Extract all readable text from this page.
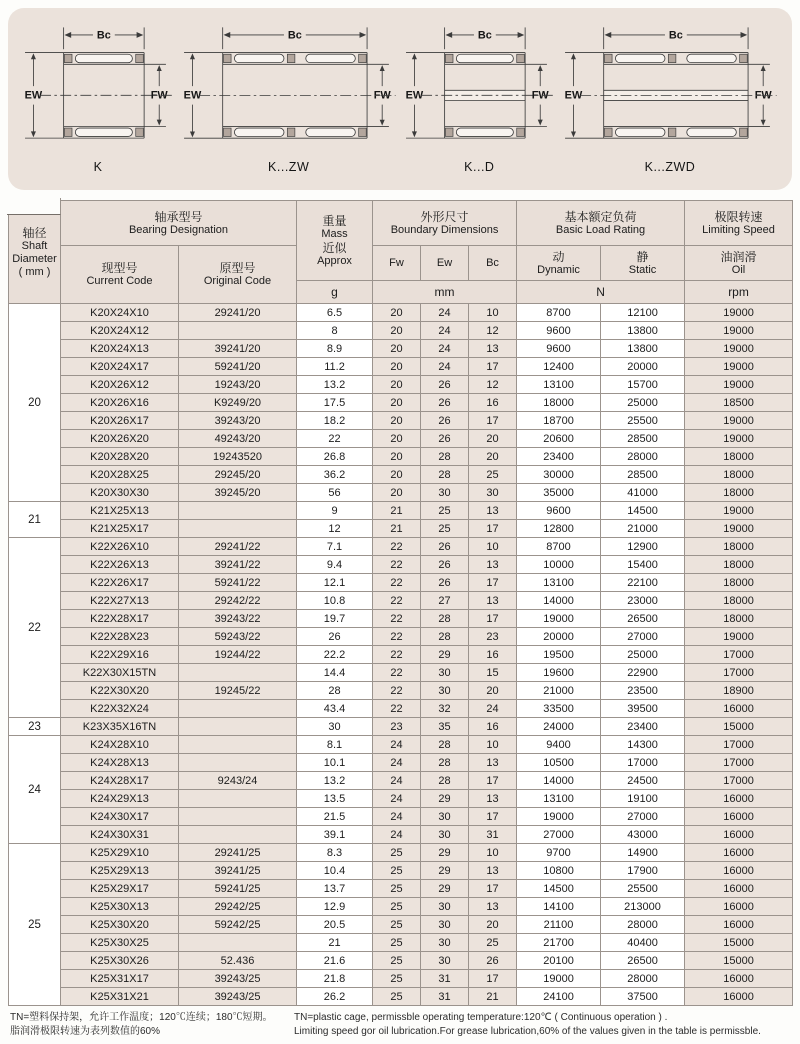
Bc
EW	FW
K
Bc
EW	FW
K...ZW
Bc
EW	FW
K...D
Bc
EW	FW
K...ZWD
轴径
Shaft
Diameter
( mm )	轴承型号
Bearing Designation		重量
Mass
近似
Approx	外形尺寸
Boundary Dimensions			基本额定负荷
Basic Load Rating		极限转速
Limiting Speed

	现型号
Current Code	原型号
Original Code		Fw	Ew	Bc	动
Dynamic	静
Static	油润滑
Oil

			g	mm			N		rpm
20	K20X24X10	29241/20	6.5	20	24	10	8700	12100	19000
	K20X24X12		8	20	24	12	9600	13800	19000
	K20X24X13	39241/20	8.9	20	24	13	9600	13800	19000
	K20X24X17	59241/20	11.2	20	24	17	12400	20000	19000
	K20X26X12	19243/20	13.2	20	26	12	13100	15700	19000
	K20X26X16	K9249/20	17.5	20	26	16	18000	25000	18500
	K20X26X17	39243/20	18.2	20	26	17	18700	25500	19000
	K20X26X20	49243/20	22	20	26	20	20600	28500	19000
	K20X28X20	19243520	26.8	20	28	20	23400	28000	18000
	K20X28X25	29245/20	36.2	20	28	25	30000	28500	18000
	K20X30X30	39245/20	56	20	30	30	35000	41000	18000
21	K21X25X13		9	21	25	13	9600	14500	19000
	K21X25X17		12	21	25	17	12800	21000	19000
22	K22X26X10	29241/22	7.1	22	26	10	8700	12900	18000
	K22X26X13	39241/22	9.4	22	26	13	10000	15400	18000
	K22X26X17	59241/22	12.1	22	26	17	13100	22100	18000
	K22X27X13	29242/22	10.8	22	27	13	14000	23000	18000
	K22X28X17	39243/22	19.7	22	28	17	19000	26500	18000
	K22X28X23	59243/22	26	22	28	23	20000	27000	19000
	K22X29X16	19244/22	22.2	22	29	16	19500	25000	17000
	K22X30X15TN		14.4	22	30	15	19600	22900	17000
	K22X30X20	19245/22	28	22	30	20	21000	23500	18900
	K22X32X24		43.4	22	32	24	33500	39500	16000
23	K23X35X16TN		30	23	35	16	24000	23400	15000
24	K24X28X10		8.1	24	28	10	9400	14300	17000
	K24X28X13		10.1	24	28	13	10500	17000	17000
	K24X28X17	9243/24	13.2	24	28	17	14000	24500	17000
	K24X29X13		13.5	24	29	13	13100	19100	16000
	K24X30X17		21.5	24	30	17	19000	27000	16000
	K24X30X31		39.1	24	30	31	27000	43000	16000
25	K25X29X10	29241/25	8.3	25	29	10	9700	14900	16000
	K25X29X13	39241/25	10.4	25	29	13	10800	17900	16000
	K25X29X17	59241/25	13.7	25	29	17	14500	25500	16000
	K25X30X13	29242/25	12.9	25	30	13	14100	213000	16000
	K25X30X20	59242/25	20.5	25	30	20	21100	28000	16000
	K25X30X25		21	25	30	25	21700	40400	15000
	K25X30X26	52.436	21.6	25	30	26	20100	26500	15000
	K25X31X17	39243/25	21.8	25	31	17	19000	28000	16000
	K25X31X21	39243/25	26.2	25	31	21	24100	37500	16000
TN=塑料保持架，允许工作温度；120℃连续；180℃短期。
脂润滑极限转速为表列数值的60%
TN=plastic cage, permissble operating temperature:120℃ ( Continuous operation ) .
Limiting speed gor oil lubrication.For grease lubrication,60% of the values given in the table is permissble.
